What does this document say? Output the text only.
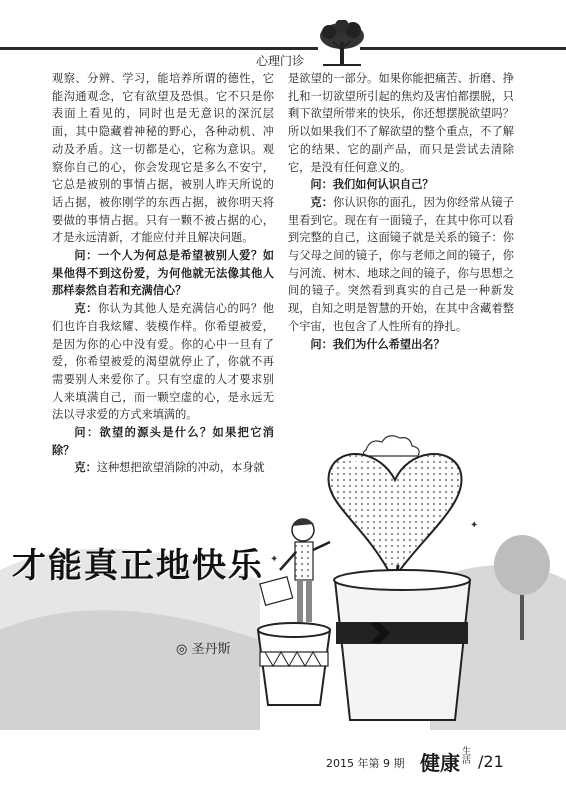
心理门诊

观察、分辨、学习，能培养所谓的德性，它能沟通观念，它有欲望及恐惧。它不只是你表面上看见的，同时也是无意识的深沉层面，其中隐藏着神秘的野心，各种动机、冲动及矛盾。这一切都是心，它称为意识。观察你自己的心，你会发现它是多么不安宁，它总是被别的事情占据，被别人昨天所说的话占据，被你刚学的东西占据，被你明天将要做的事情占据。只有一颗不被占据的心，才是永远清新，才能应付并且解决问题。

问：一个人为何总是希望被别人爱？如果他得不到这份爱，为何他就无法像其他人那样泰然自若和充满信心？

克：你认为其他人是充满信心的吗？他们也许自我炫耀、装模作样。你希望被爱，是因为你的心中没有爱。你的心中一旦有了爱，你希望被爱的渴望就停止了，你就不再需要别人来爱你了。只有空虚的人才要求别人来填满自己，而一颗空虚的心，是永远无法以寻求爱的方式来填满的。

问：欲望的源头是什么？如果把它消除？

克：这种想把欲望消除的冲动，本身就

是欲望的一部分。如果你能把痛苦、折磨、挣扎和一切欲望所引起的焦灼及害怕都摆脱，只剩下欲望所带来的快乐，你还想摆脱欲望吗？所以如果我们不了解欲望的整个重点，不了解它的结果、它的副产品，而只是尝试去清除它，是没有任何意义的。

问：我们如何认识自己？

克：你认识你的面孔，因为你经常从镜子里看到它。现在有一面镜子，在其中你可以看到完整的自己，这面镜子就是关系的镜子：你与父母之间的镜子，你与老师之间的镜子，你与河流、树木、地球之间的镜子，你与思想之间的镜子。突然看到真实的自己是一种新发现，自知之明是智慧的开始，在其中含藏着整个宇宙，也包含了人性所有的挣扎。

问：我们为什么希望出名？

✦
✦
才能真正地快乐
◎ 圣丹斯
2015 年第 9 期 健康 生活 /21
